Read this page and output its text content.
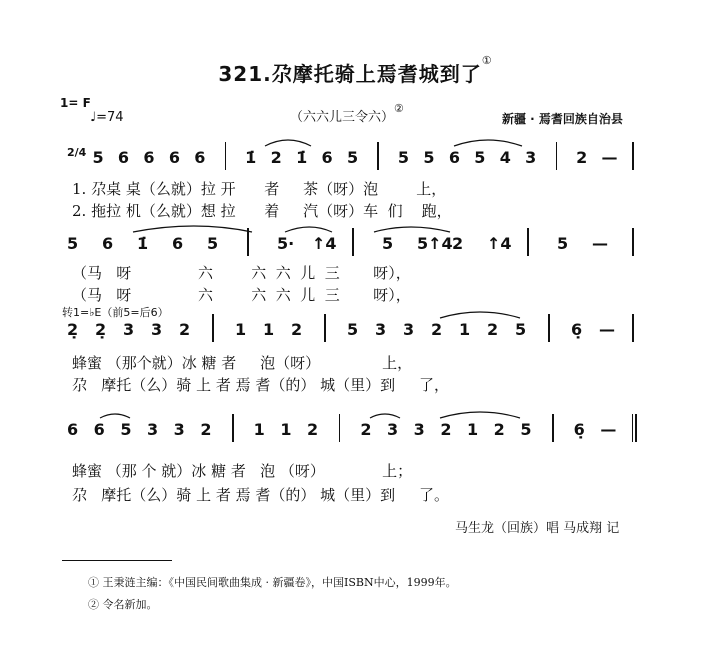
321.尕摩托骑上焉耆城到了①
1= F
♩=74	（六六儿三令六）②
新疆 · 焉耆回族自治县
2/4 5 6 6 6 6 1̇ 2 1̇ 6 5 5 5 6 5 4 3 2 —
1. 尕桌 桌（么就）拉 开      者     茶（呀）泡        上，
2. 拖拉 机（么就）想 拉      着     汽（呀）车  们    跑，
5 6 1̇ 6 5	5· ↑4	5 5↑4 2 ↑4	5 —
（马   呀              六        六  六  儿  三       呀），
（马   呀              六        六  六  儿  三       呀），
2̣ 2̣ 3 3 2	1 1 2	5 3 3 2 1 2 5	6̣ —
蜂蜜 （那个就）冰 糖 者     泡（呀）             上，
尕   摩托（么）骑 上 者 焉 耆（的） 城（里）到     了，
6 6 5 3 3 2	1 1 2	2 3 3 2 1 2 5	6̣ —
蜂蜜 （那 个 就）冰 糖 者   泡 （呀）            上；
尕   摩托（么）骑 上 者 焉 耆（的） 城（里）到     了。
转1=♭E（前5=后6）
马生龙（回族）唱 马成翔 记
① 王秉涟主编：《中国民间歌曲集成 · 新疆卷》，中国ISBN中心，1999年。
② 令名新加。
